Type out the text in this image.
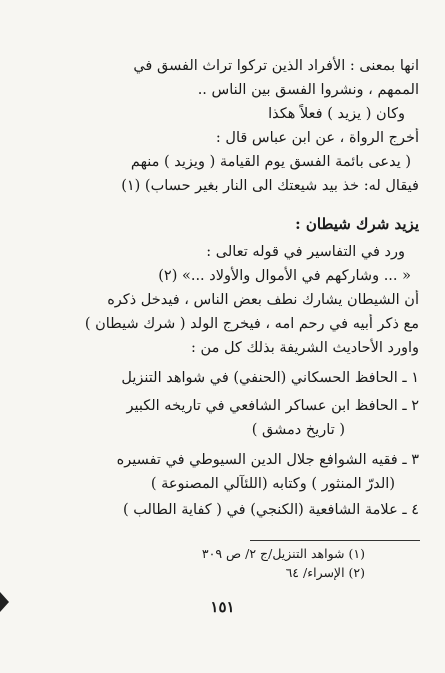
انها بمعنى : الأفراد الذين تركوا تراث الفسق في
الممهم ، ونشروا الفسق بين الناس ..
وكان ( يزيد ) فعلاً هكذا
أخرج الرواة ، عن ابن عباس قال :
( يدعى بائمة الفسق يوم القيامة ( ويزيد ) منهم
فيقال له: خذ بيد شيعتك الى النار بغير حساب) (١)
يزيد شرك شيطان :
ورد في التفاسير في قوله تعالى :
« ... وشاركهم في الأموال والأولاد ...» (٢)
أن الشيطان يشارك نطف بعض الناس ، فيدخل ذكره
مع ذكر أبيه في رحم امه ، فيخرج الولد ( شرك شيطان )
واورد الأحاديث الشريفة بذلك كل من :
١ ـ الحافظ الحسكاني (الحنفي) في شواهد التنزيل
٢ ـ الحافظ ابن عساكر الشافعي في تاريخه الكبير
( تاريخ دمشق )
٣ ـ فقيه الشوافع جلال الدين السيوطي في تفسيره
(الدرّ المنثور ) وكتابه (اللئآلي المصنوعة )
٤ ـ علامة الشافعية (الكنجي) في ( كفاية الطالب )
(١) شواهد التنزيل/ج ٢/ ص ٣٠٩
(٢) الإسراء/ ٦٤
١٥١
